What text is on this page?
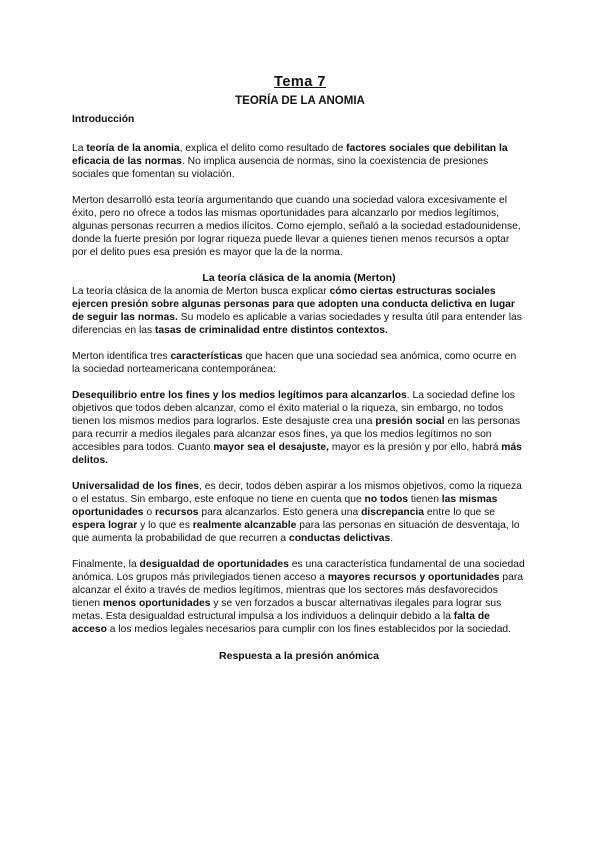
Tema 7
TEORÍA DE LA ANOMIA

Introducción

La teoría de la anomia, explica el delito como resultado de factores sociales que debilitan la eficacia de las normas. No implica ausencia de normas, sino la coexistencia de presiones sociales que fomentan su violación.

Merton desarrolló esta teoría argumentando que cuando una sociedad valora excesivamente el éxito, pero no ofrece a todos las mismas oportunidades para alcanzarlo por medios legítimos, algunas personas recurren a medios ilícitos. Como ejemplo, señaló a la sociedad estadounidense, donde la fuerte presión por lograr riqueza puede llevar a quienes tienen menos recursos a optar por el delito pues esa presión es mayor que la de la norma.

La teoría clásica de la anomia (Merton)

La teoría clásica de la anomia de Merton busca explicar cómo ciertas estructuras sociales ejercen presión sobre algunas personas para que adopten una conducta delictiva en lugar de seguir las normas. Su modelo es aplicable a varias sociedades y resulta útil para entender las diferencias en las tasas de criminalidad entre distintos contextos.

Merton identifica tres características que hacen que una sociedad sea anómica, como ocurre en la sociedad norteamericana contemporánea:

Desequilibrio entre los fines y los medios legítimos para alcanzarlos. La sociedad define los objetivos que todos deben alcanzar, como el éxito material o la riqueza, sin embargo, no todos tienen los mismos medios para lograrlos. Este desajuste crea una presión social en las personas para recurrir a medios ilegales para alcanzar esos fines, ya que los medios legítimos no son accesibles para todos. Cuanto mayor sea el desajuste, mayor es la presión y por ello, habrá más delitos.

Universalidad de los fines, es decir, todos deben aspirar a los mismos objetivos, como la riqueza o el estatus. Sin embargo, este enfoque no tiene en cuenta que no todos tienen las mismas oportunidades o recursos para alcanzarlos. Esto genera una discrepancia entre lo que se espera lograr y lo que es realmente alcanzable para las personas en situación de desventaja, lo que aumenta la probabilidad de que recurren a conductas delictivas.

Finalmente, la desigualdad de oportunidades es una característica fundamental de una sociedad anómica. Los grupos más privilegiados tienen acceso a mayores recursos y oportunidades para alcanzar el éxito a través de medios legítimos, mientras que los sectores más desfavorecidos tienen menos oportunidades y se ven forzados a buscar alternativas ilegales para lograr sus metas. Esta desigualdad estructural impulsa a los individuos a delinquir debido a la falta de acceso a los medios legales necesarios para cumplir con los fines establecidos por la sociedad.

Respuesta a la presión anómica
